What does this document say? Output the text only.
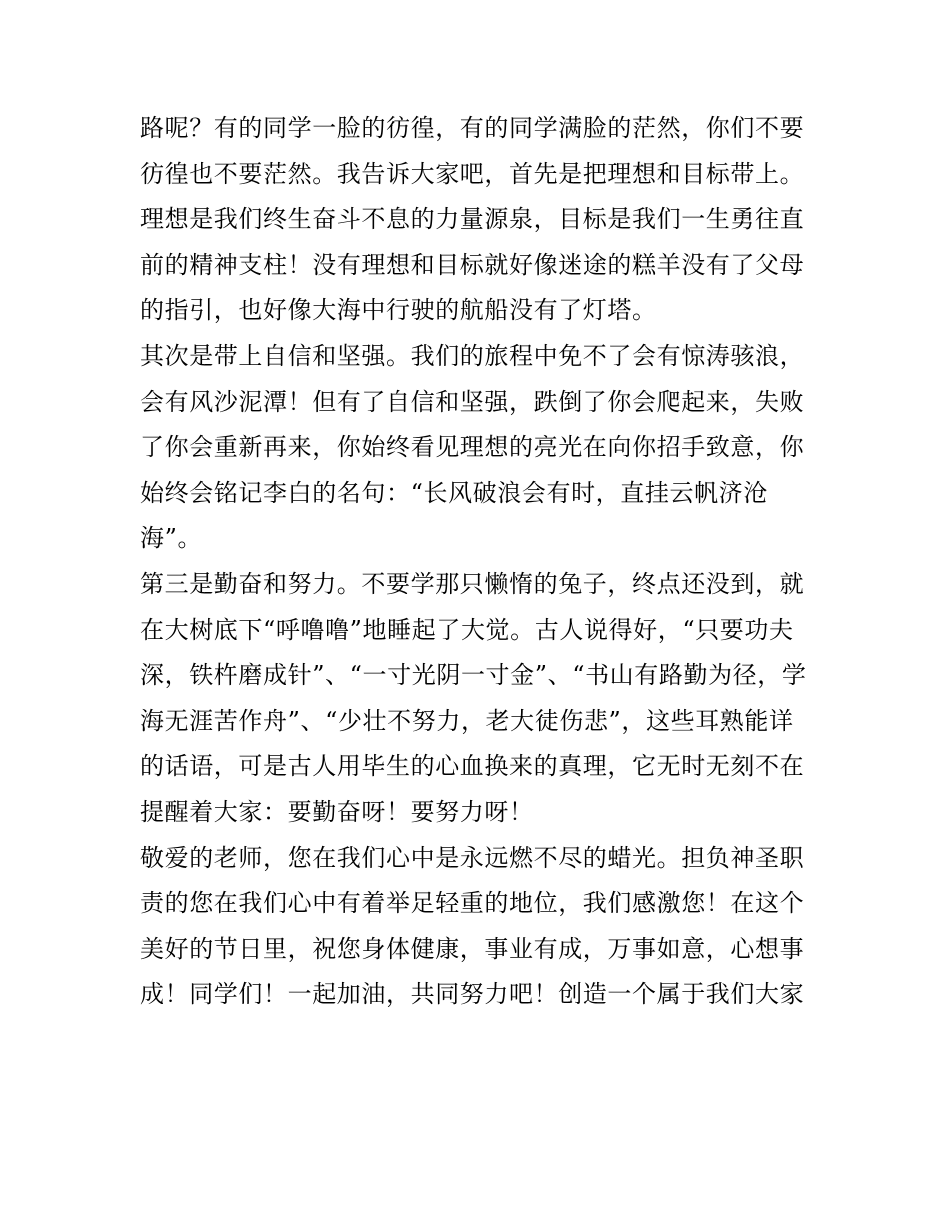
路呢？有的同学一脸的彷徨，有的同学满脸的茫然，你们不要
彷徨也不要茫然。我告诉大家吧，首先是把理想和目标带上。
理想是我们终生奋斗不息的力量源泉，目标是我们一生勇往直
前的精神支柱！没有理想和目标就好像迷途的糕羊没有了父母
的指引，也好像大海中行驶的航船没有了灯塔。
其次是带上自信和坚强。我们的旅程中免不了会有惊涛骇浪，
会有风沙泥潭！但有了自信和坚强，跌倒了你会爬起来，失败
了你会重新再来，你始终看见理想的亮光在向你招手致意，你
始终会铭记李白的名句：“长风破浪会有时，直挂云帆济沧
海”。
第三是勤奋和努力。不要学那只懒惰的兔子，终点还没到，就
在大树底下“呼噜噜”地睡起了大觉。古人说得好，“只要功夫
深，铁杵磨成针”、“一寸光阴一寸金”、“书山有路勤为径，学
海无涯苦作舟”、“少壮不努力，老大徒伤悲”，这些耳熟能详
的话语，可是古人用毕生的心血换来的真理，它无时无刻不在
提醒着大家：要勤奋呀！要努力呀！
敬爱的老师，您在我们心中是永远燃不尽的蜡光。担负神圣职
责的您在我们心中有着举足轻重的地位，我们感激您！在这个
美好的节日里，祝您身体健康，事业有成，万事如意，心想事
成！同学们！一起加油，共同努力吧！创造一个属于我们大家
